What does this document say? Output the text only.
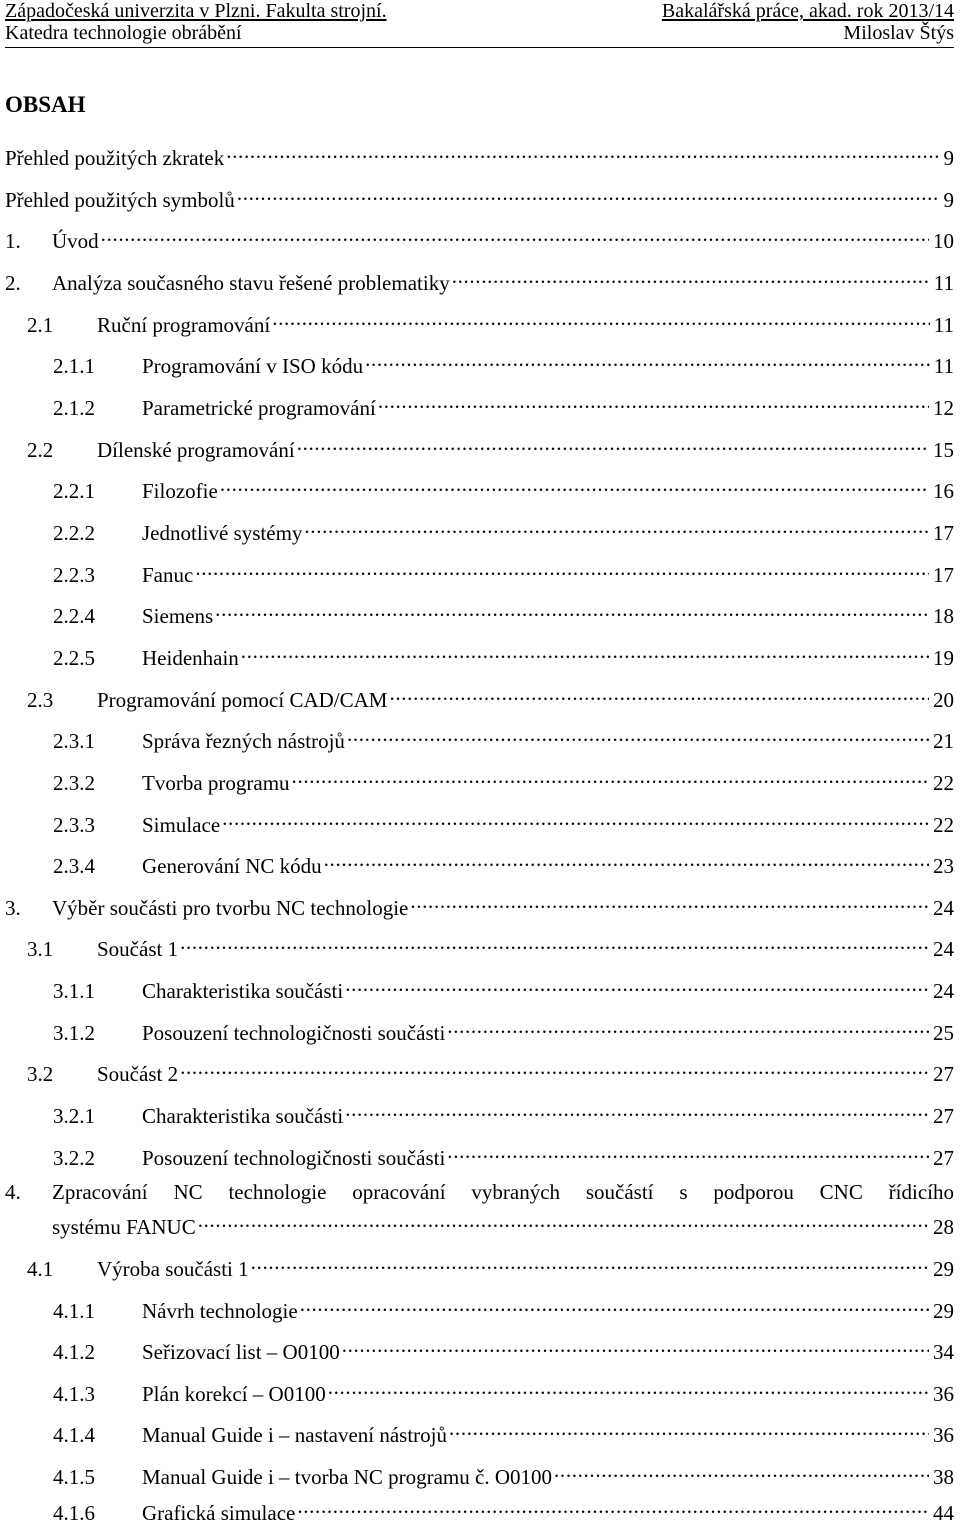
Západočeská univerzita v Plzni. Fakulta strojní.	Bakalářská práce, akad. rok 2013/14
Katedra technologie obrábění	Miloslav Štýs
OBSAH
Přehled použitých zkratek . . .	9
Přehled použitých symbolů . . .	9
1.	Úvod . . .	10
2.	Analýza současného stavu řešené problematiky . . .	11
2.1	Ruční programování . . .	11
2.1.1	Programování v ISO kódu . . .	11
2.1.2	Parametrické programování . . .	12
2.2	Dílenské programování . . .	15
2.2.1	Filozofie . . .	16
2.2.2	Jednotlivé systémy . . .	17
2.2.3	Fanuc . . .	17
2.2.4	Siemens . . .	18
2.2.5	Heidenhain . . .	19
2.3	Programování pomocí CAD/CAM . . .	20
2.3.1	Správa řezných nástrojů . . .	21
2.3.2	Tvorba programu . . .	22
2.3.3	Simulace . . .	22
2.3.4	Generování NC kódu . . .	23
3.	Výběr součásti pro tvorbu NC technologie . . .	24
3.1	Součást 1 . . .	24
3.1.1	Charakteristika součásti . . .	24
3.1.2	Posouzení technologičnosti součásti . . .	25
3.2	Součást 2 . . .	27
3.2.1	Charakteristika součásti . . .	27
3.2.2	Posouzení technologičnosti součásti . . .	27
4.	Zpracování NC technologie opracování vybraných součástí s podporou CNC řídicího
systému FANUC . . .	28
4.1	Výroba součásti 1 . . .	29
4.1.1	Návrh technologie . . .	29
4.1.2	Seřizovací list – O0100 . . .	34
4.1.3	Plán korekcí – O0100 . . .	36
4.1.4	Manual Guide i – nastavení nástrojů . . .	36
4.1.5	Manual Guide i – tvorba NC programu č. O0100 . . .	38
4.1.6	Grafická simulace . . .	44
